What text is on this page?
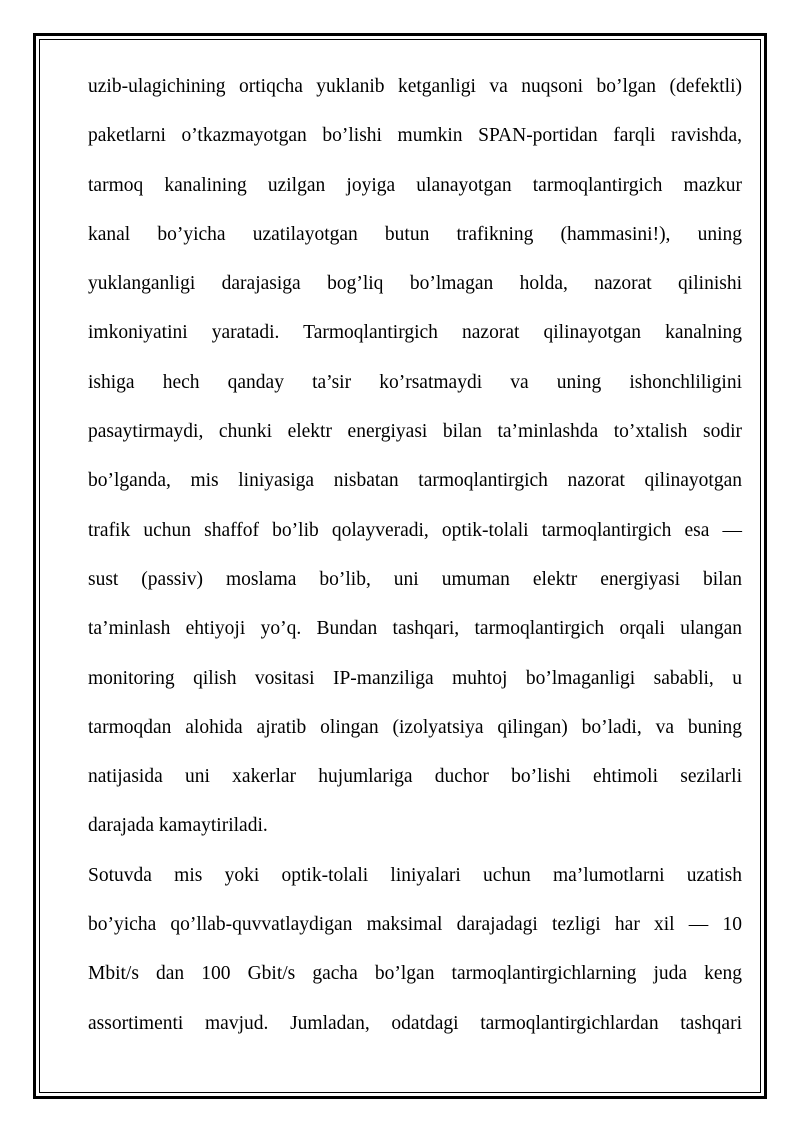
uzib-ulagichining ortiqcha yuklanib ketganligi va nuqsoni bo’lgan (defektli)
paketlarni o’tkazmayotgan bo’lishi mumkin SPAN-portidan farqli ravishda,
tarmoq kanalining uzilgan joyiga ulanayotgan tarmoqlantirgich mazkur
kanal bo’yicha uzatilayotgan butun trafikning (hammasini!), uning
yuklanganligi darajasiga bog’liq bo’lmagan holda, nazorat qilinishi
imkoniyatini yaratadi. Tarmoqlantirgich nazorat qilinayotgan kanalning
ishiga hech qanday ta’sir ko’rsatmaydi va uning ishonchliligini
pasaytirmaydi, chunki elektr energiyasi bilan ta’minlashda to’xtalish sodir
bo’lganda, mis liniyasiga nisbatan tarmoqlantirgich nazorat qilinayotgan
trafik uchun shaffof bo’lib qolayveradi, optik-tolali tarmoqlantirgich esa —
sust (passiv) moslama bo’lib, uni umuman elektr energiyasi bilan
ta’minlash ehtiyoji yo’q. Bundan tashqari, tarmoqlantirgich orqali ulangan
monitoring qilish vositasi IP-manziliga muhtoj bo’lmaganligi sababli, u
tarmoqdan alohida ajratib olingan (izolyatsiya qilingan) bo’ladi, va buning
natijasida uni xakerlar hujumlariga duchor bo’lishi ehtimoli sezilarli
darajada kamaytiriladi.
Sotuvda mis yoki optik-tolali liniyalari uchun ma’lumotlarni uzatish
bo’yicha qo’llab-quvvatlaydigan maksimal darajadagi tezligi har xil — 10
Mbit/s dan 100 Gbit/s gacha bo’lgan tarmoqlantirgichlarning juda keng
assortimenti mavjud. Jumladan, odatdagi tarmoqlantirgichlardan tashqari
